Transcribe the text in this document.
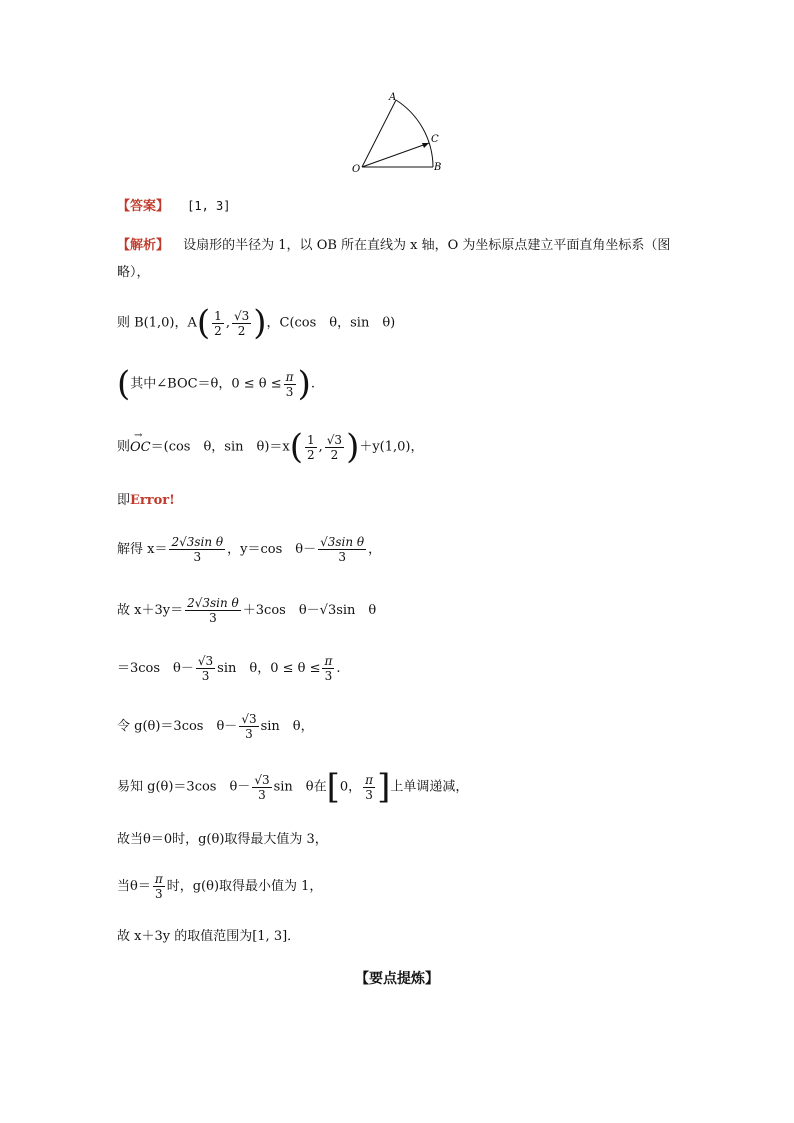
O
A
B
C
【答案】 [1, 3]
【解析】 设扇形的半径为 1，以 OB 所在直线为 x 轴，O 为坐标原点建立平面直角坐标系（图
略），
则 B(1,0)，$A( \frac{1}{2}$ , $\frac{√3}{2}$ )，C(cos　θ，sin　θ)
(其中∠BOC＝θ，$0 \le \theta \le \frac{\pi}{3}$ ).
则
→
OC＝(cos　θ，sin　$\theta)=x( \frac{1}{2}$ , $\frac{√3}{2} )+y(1,0)$，
即Error!
解得 $x= \frac{\text{2√3sin θ}}{3}$ ，y＝cos　$\theta- \frac{\text{√3sin θ}}{3}$ ，
故 $x+3y= \frac{\text{2√3sin θ}}{3} +3\cos$　θ－√3sin　θ
＝3cos　$\theta- \frac{√3}{3}$ sin　θ，$0 \le \theta \le \frac{\pi}{3}$ .
令 g(θ)＝3cos　$\theta- \frac{√3}{3}$ sin　θ，
易知 g(θ)＝3cos　$\theta- \frac{√3}{3}$ sin　θ在[0， $\frac{\pi}{3}$ ]上单调递减，
故当θ＝0时，g(θ)取得最大值为 3，
当$\theta= \frac{\pi}{3}$ 时，g(θ)取得最小值为 1，
故 x＋3y 的取值范围为[1, 3]．
【要点提炼】
